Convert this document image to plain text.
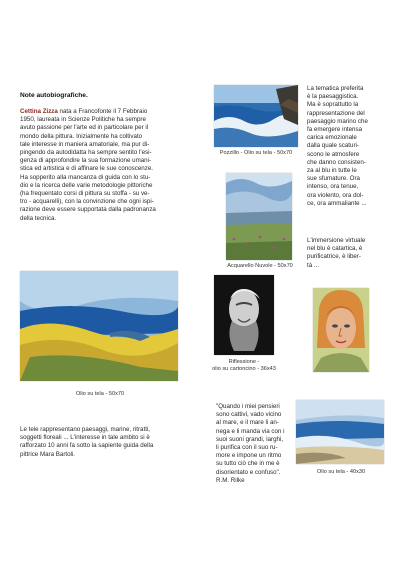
Note autobiografiche.
Cettina Zizza nata a Francofonte il 7 Febbraio
1950, laureata in Scienze Politiche ha sempre
avuto passione per l'arte ed in particolare per il
mondo della pittura. Inizialmente ha coltivato
tale interesse in maniera amatoriale, ma pur di-
pingendo da autodidatta ha sempre sentito l'esi-
genza di approfondire la sua formazione umani-
stica ed artistica e di affinare le sue conoscenze.
Ha sopperito alla mancanza di guida con lo stu-
dio e la ricerca delle varie metodologie pittoriche
(ha frequentato corsi di pittura su stoffa - su ve-
tro - acquarelli), con la convinzione che ogni ispi-
razione deve essere supportata dalla padronanza
della tecnica.
Pozzillo - Olio su tela - 50x70
La tematica preferita
è la paesaggistica.
Ma è soprattutto la
rappresentazione del
paesaggio marino che
fa emergere intensa
carica emozionale
dalla quale scaturi-
scono le atmosfere
che danno consisten-
za al blu in tutte le
sue sfumature. Ora
intenso, ora tenue,
ora violento, ora dol-
ce, ora ammaliante ...
L'immersione virtuale
nel blu è catartica, è
purificatrice, è liber-
tà ...
Acquarello Nuvole - 50x70
Olio su tela - 50x70
Riflessione -
olio su cartoncino - 36x43
Le tele rappresentano paesaggi, marine, ritratti,
soggetti floreali ... L'interesse in tale ambito si è
rafforzato 10 anni fa sotto la sapiente guida della
pittrice Mara Bartoli.
"Quando i miei pensieri
sono cattivi, vado vicino
al mare, e il mare li an-
nega e li manda via con i
suoi suoni grandi, larghi,
li purifica con il suo ru-
more e impone un ritmo
su tutto ciò che in me è
disorientato e confuso".
R.M. Rilke
Olio su tela - 40x30
